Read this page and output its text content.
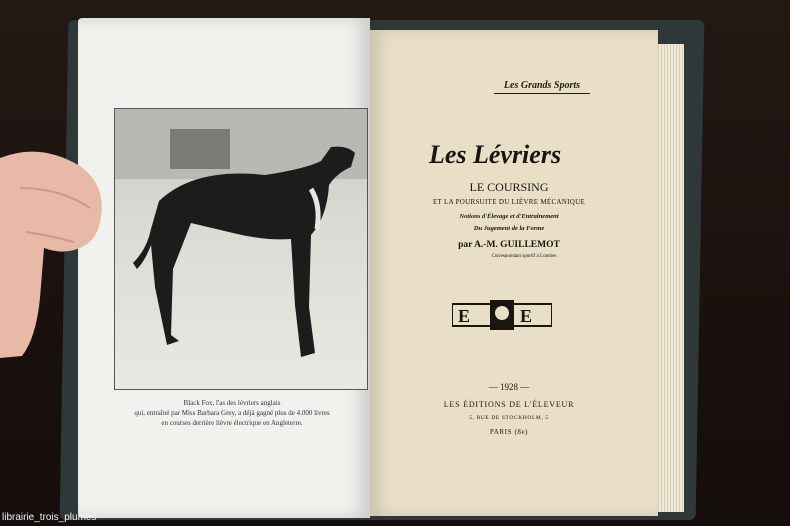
Black Fox, l'as des lévriers anglais
qui, entraîné par Miss Barbara Grey, a déjà gagné plus de 4.000 livres
en courses derrière lièvre électrique en Angleterre.
Les Grands Sports
Les Lévriers
LE COURSING
ET LA POURSUITE DU LIÈVRE MÉCANIQUE
Notions d'Élevage et d'Entraînement
Du Jugement de la Forme
par A.-M. GUILLEMOT
Correspondant sportif à Londres
E	E
— 1928 —
LES ÉDITIONS DE L'ÉLEVEUR
5, RUE DE STOCKHOLM, 5
PARIS (8e)
librairie_trois_plumes
